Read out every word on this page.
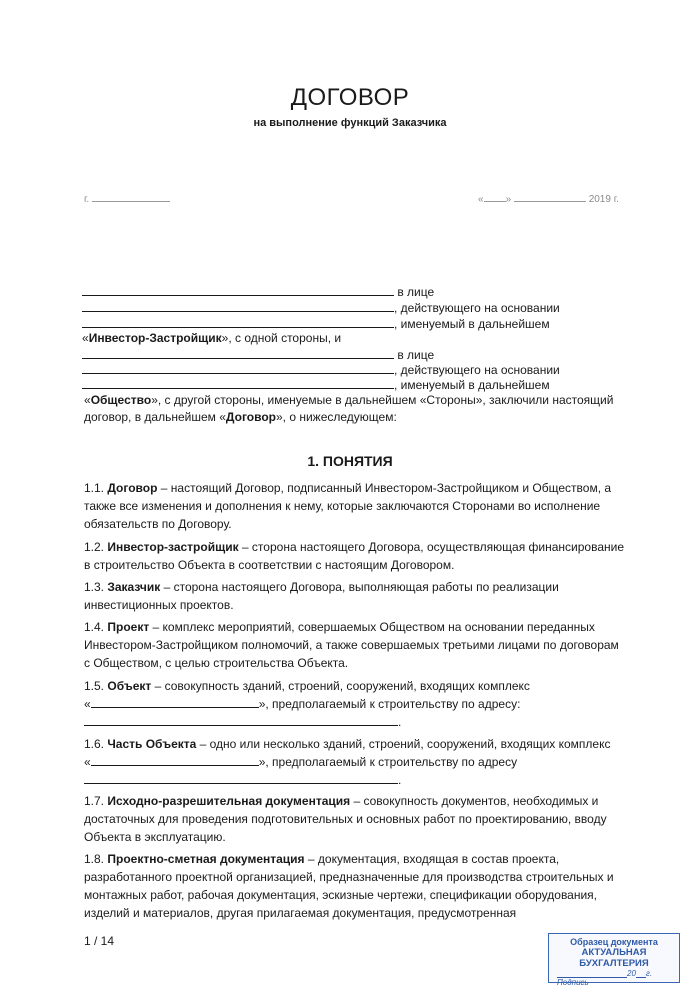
ДОГОВОР
на выполнение функций Заказчика
г.	« »	2019 г.
в лице
, действующего на основании
, именуемый в дальнейшем
«Инвестор-Застройщик», с одной стороны, и
в лице
, действующего на основании
, именуемый в дальнейшем
«Общество», с другой стороны, именуемые в дальнейшем «Стороны», заключили настоящий
договор, в дальнейшем «Договор», о нижеследующем:
1. ПОНЯТИЯ

1.1. Договор – настоящий Договор, подписанный Инвестором-Застройщиком и Обществом, а также все изменения и дополнения к нему, которые заключаются Сторонами во исполнение обязательств по Договору.

1.2. Инвестор-застройщик – сторона настоящего Договора, осуществляющая финансирование в строительство Объекта в соответствии с настоящим Договором.

1.3. Заказчик – сторона настоящего Договора, выполняющая работы по реализации инвестиционных проектов.

1.4. Проект – комплекс мероприятий, совершаемых Обществом на основании переданных Инвестором-Застройщиком полномочий, а также совершаемых третьими лицами по договорам с Обществом, с целью строительства Объекта.

1.5. Объект – совокупность зданий, строений, сооружений, входящих комплекс

«	», предполагаемый к строительству по адресу:

.

1.6. Часть Объекта – одно или несколько зданий, строений, сооружений, входящих комплекс

«	», предполагаемый к строительству по адресу

.

1.7. Исходно-разрешительная документация – совокупность документов, необходимых и достаточных для проведения подготовительных и основных работ по проектированию, вводу Объекта в эксплуатацию.

1.8. Проектно-сметная документация – документация, входящая в состав проекта, разработанного проектной организацией, предназначенные для производства строительных и монтажных работ, рабочая документация, эскизные чертежи, спецификации оборудования, изделий и материалов, другая прилагаемая документация, предусмотренная

1 / 14	Образец документа
АКТУАЛЬНАЯ БУХГАЛТЕРИЯ
20 г.
Подпись
